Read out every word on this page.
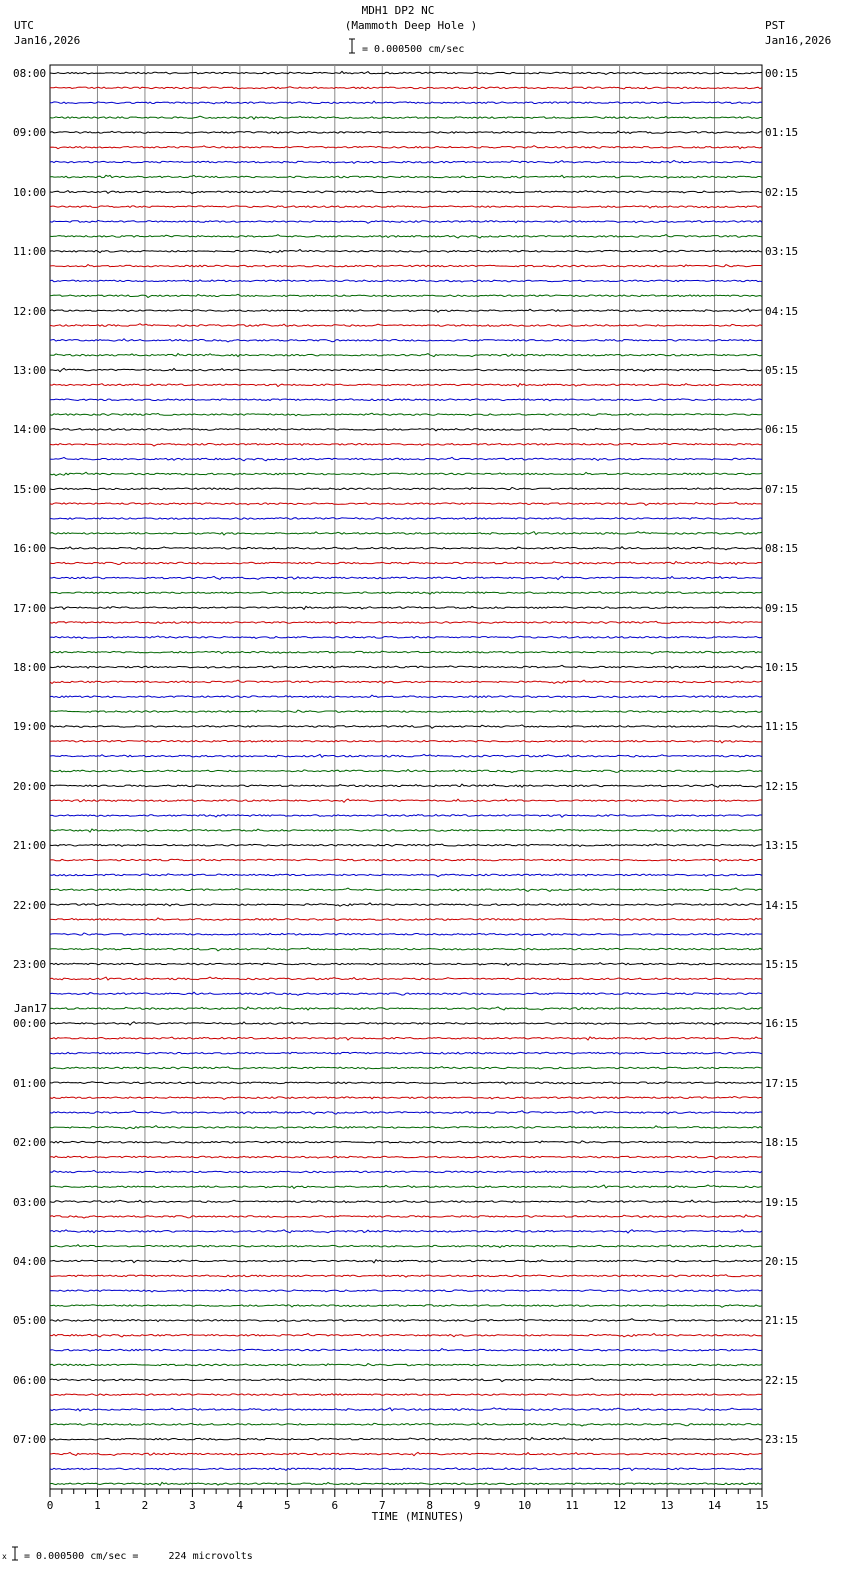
MDH1 DP2 NC
(Mammoth Deep Hole )
= 0.000500 cm/sec
UTC
Jan16,2026
PST
Jan16,2026
0	1	2	3	4	5	6	7	8	9	10	11	12	13	14	15
TIME (MINUTES)
x = 0.000500 cm/sec =     224 microvolts
08:00	00:15
09:00	01:15
10:00	02:15
11:00	03:15
12:00	04:15
13:00	05:15
14:00	06:15
15:00	07:15
16:00	08:15
17:00	09:15
18:00	10:15
19:00	11:15
20:00	12:15
21:00	13:15
22:00	14:15
23:00	15:15
00:00	16:15
Jan17
01:00	17:15
02:00	18:15
03:00	19:15
04:00	20:15
05:00	21:15
06:00	22:15
07:00	23:15
